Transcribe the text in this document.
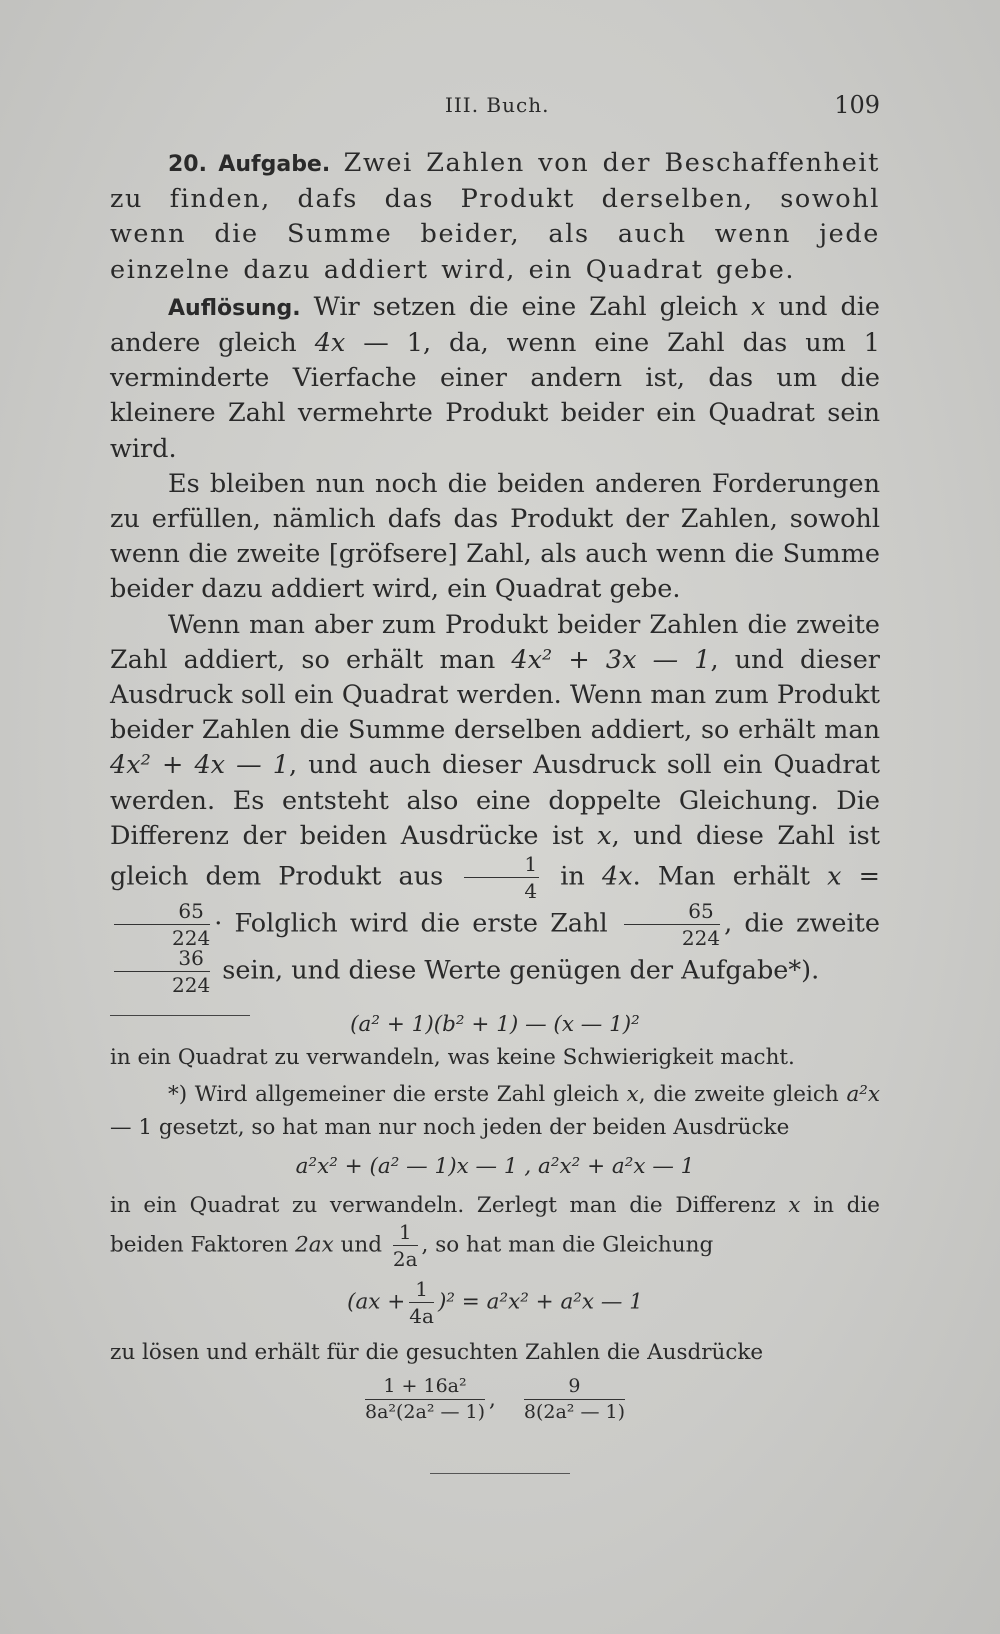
III. Buch.	109

20. Aufgabe. Zwei Zahlen von der Beschaffenheit zu finden, dafs das Produkt derselben, sowohl wenn die Summe beider, als auch wenn jede einzelne dazu addiert wird, ein Quadrat gebe.

Auflösung. Wir setzen die eine Zahl gleich x und die andere gleich 4x — 1, da, wenn eine Zahl das um 1 verminderte Vierfache einer andern ist, das um die kleinere Zahl vermehrte Produkt beider ein Quadrat sein wird.

Es bleiben nun noch die beiden anderen Forderungen zu erfüllen, nämlich dafs das Produkt der Zahlen, sowohl wenn die zweite [gröfsere] Zahl, als auch wenn die Summe beider dazu addiert wird, ein Quadrat gebe.

Wenn man aber zum Produkt beider Zahlen die zweite Zahl addiert, so erhält man 4x² + 3x — 1, und dieser Ausdruck soll ein Quadrat werden. Wenn man zum Produkt beider Zahlen die Summe derselben addiert, so erhält man 4x² + 4x — 1, und auch dieser Ausdruck soll ein Quadrat werden. Es entsteht also eine doppelte Gleichung. Die Differenz der beiden Ausdrücke ist x, und diese Zahl ist gleich dem Produkt aus $\frac{1}{4}$ in 4x. Man erhält x =
$\frac{65}{224}$ · Folglich wird die erste Zahl $\frac{65}{224}$ , die zweite
$\frac{36}{224}$ sein, und diese Werte genügen der Aufgabe*).

(a² + 1)(b² + 1) — (x — 1)²

in ein Quadrat zu verwandeln, was keine Schwierigkeit macht.

*) Wird allgemeiner die erste Zahl gleich x, die zweite gleich a²x — 1 gesetzt, so hat man nur noch jeden der beiden Ausdrücke

a²x² + (a² — 1)x — 1 , a²x² + a²x — 1

in ein Quadrat zu verwandeln. Zerlegt man die Differenz x in die beiden Faktoren 2ax und $\frac{1}{2a}$ , so hat man die Gleichung

$(ax + \frac{1}{4a} )^2 = a^2x^2 + a^2x$ — 1

zu lösen und erhält für die gesuchten Zahlen die Ausdrücke

$\frac{\text{1 + 16a²}}{\text{8a²(2a² — 1)}}$ , $\frac{9}{\text{8(2a² — 1)}}$
